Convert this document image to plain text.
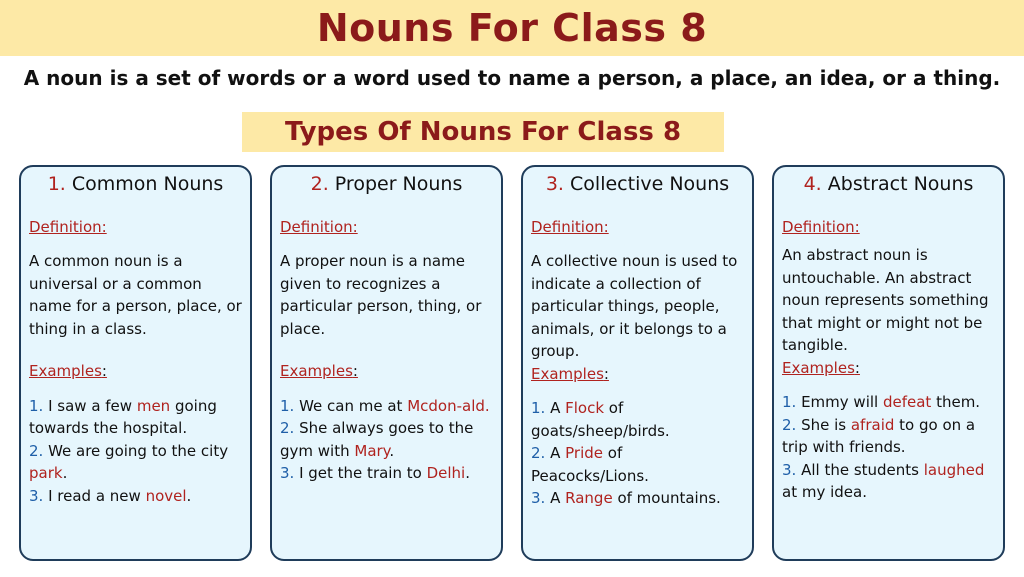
Nouns For Class 8
A noun is a set of words or a word used to name a person, a place, an idea, or a thing.
Types Of Nouns For Class 8
1. Common Nouns
Definition:
A common noun is a universal or a common name for a person, place, or thing in a class.
Examples:
1. I saw a few men going towards the hospital.
2. We are going to the city park.
3. I read a new novel.
2. Proper Nouns
Definition:
A proper noun is a name given to recognizes a particular person, thing, or place.
Examples:
1. We can me at Mcdon-ald.
2. She always goes to the gym with Mary.
3. I get the train to Delhi.
3. Collective Nouns
Definition:
A collective noun is used to indicate a collection of particular things, people, animals, or it belongs to a group.
Examples:
1. A Flock of goats/sheep/birds.
2. A Pride of Peacocks/Lions.
3. A Range of mountains.
4. Abstract Nouns
Definition:
An abstract noun is untouchable. An abstract noun represents something that might or might not be tangible.
Examples:
1. Emmy will defeat them.
2. She is afraid to go on a trip with friends.
3. All the students laughed at my idea.
